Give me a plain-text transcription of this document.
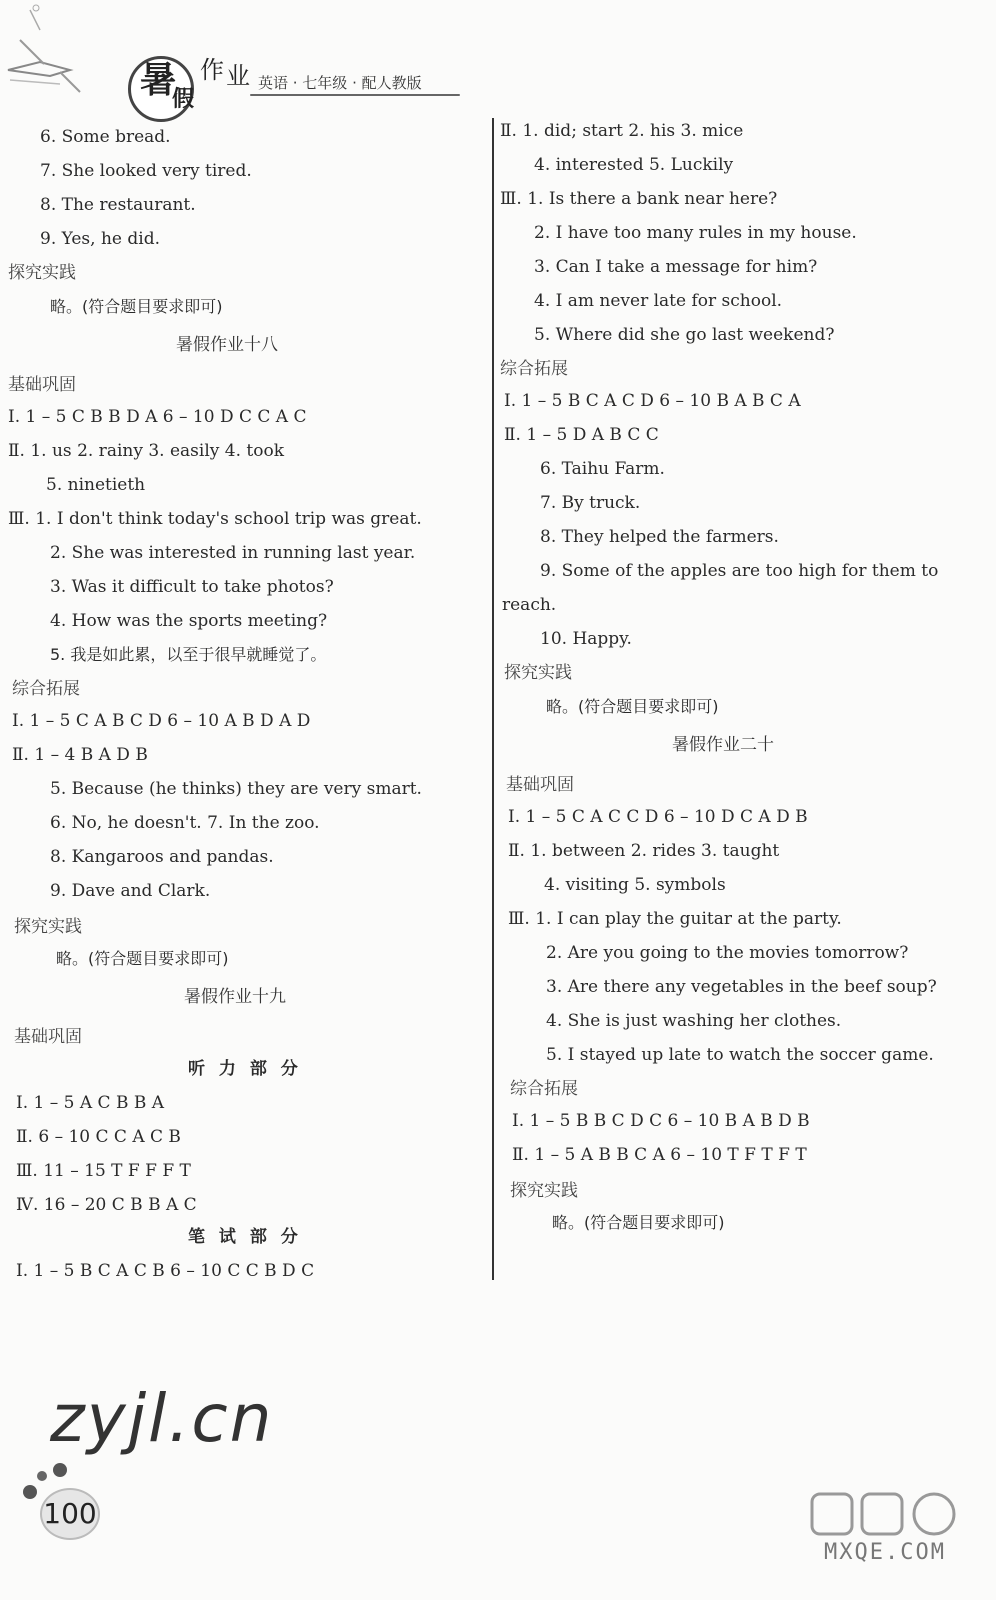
暑
假
作 业 英语 · 七年级 · 配人教版
6. Some bread.
7. She looked very tired.
8. The restaurant.
9. Yes, he did.
探究实践
略。(符合题目要求即可)
暑假作业十八
基础巩固
Ⅰ. 1 – 5 C B B D A 6 – 10 D C C A C
Ⅱ. 1. us 2. rainy 3. easily 4. took
5. ninetieth
Ⅲ. 1. I don't think today's school trip was great.
2. She was interested in running last year.
3. Was it difficult to take photos?
4. How was the sports meeting?
5. 我是如此累，以至于很早就睡觉了。
综合拓展
Ⅰ. 1 – 5 C A B C D 6 – 10 A B D A D
Ⅱ. 1 – 4 B A D B
5. Because (he thinks) they are very smart.
6. No, he doesn't. 7. In the zoo.
8. Kangaroos and pandas.
9. Dave and Clark.
探究实践
略。(符合题目要求即可)
暑假作业十九
基础巩固
听 力 部 分
Ⅰ. 1 – 5 A C B B A
Ⅱ. 6 – 10 C C A C B
Ⅲ. 11 – 15 T F F F T
Ⅳ. 16 – 20 C B B A C
笔 试 部 分
Ⅰ. 1 – 5 B C A C B 6 – 10 C C B D C
Ⅱ. 1. did; start 2. his 3. mice
4. interested 5. Luckily
Ⅲ. 1. Is there a bank near here?
2. I have too many rules in my house.
3. Can I take a message for him?
4. I am never late for school.
5. Where did she go last weekend?
综合拓展
Ⅰ. 1 – 5 B C A C D 6 – 10 B A B C A
Ⅱ. 1 – 5 D A B C C
6. Taihu Farm.
7. By truck.
8. They helped the farmers.
9. Some of the apples are too high for them to
reach.
10. Happy.
探究实践
略。(符合题目要求即可)
暑假作业二十
基础巩固
Ⅰ. 1 – 5 C A C C D 6 – 10 D C A D B
Ⅱ. 1. between 2. rides 3. taught
4. visiting 5. symbols
Ⅲ. 1. I can play the guitar at the party.
2. Are you going to the movies tomorrow?
3. Are there any vegetables in the beef soup?
4. She is just washing her clothes.
5. I stayed up late to watch the soccer game.
综合拓展
Ⅰ. 1 – 5 B B C D C 6 – 10 B A B D B
Ⅱ. 1 – 5 A B B C A 6 – 10 T F T F T
探究实践
略。(符合题目要求即可)
zyjl.cn
100
MXQE.COM
